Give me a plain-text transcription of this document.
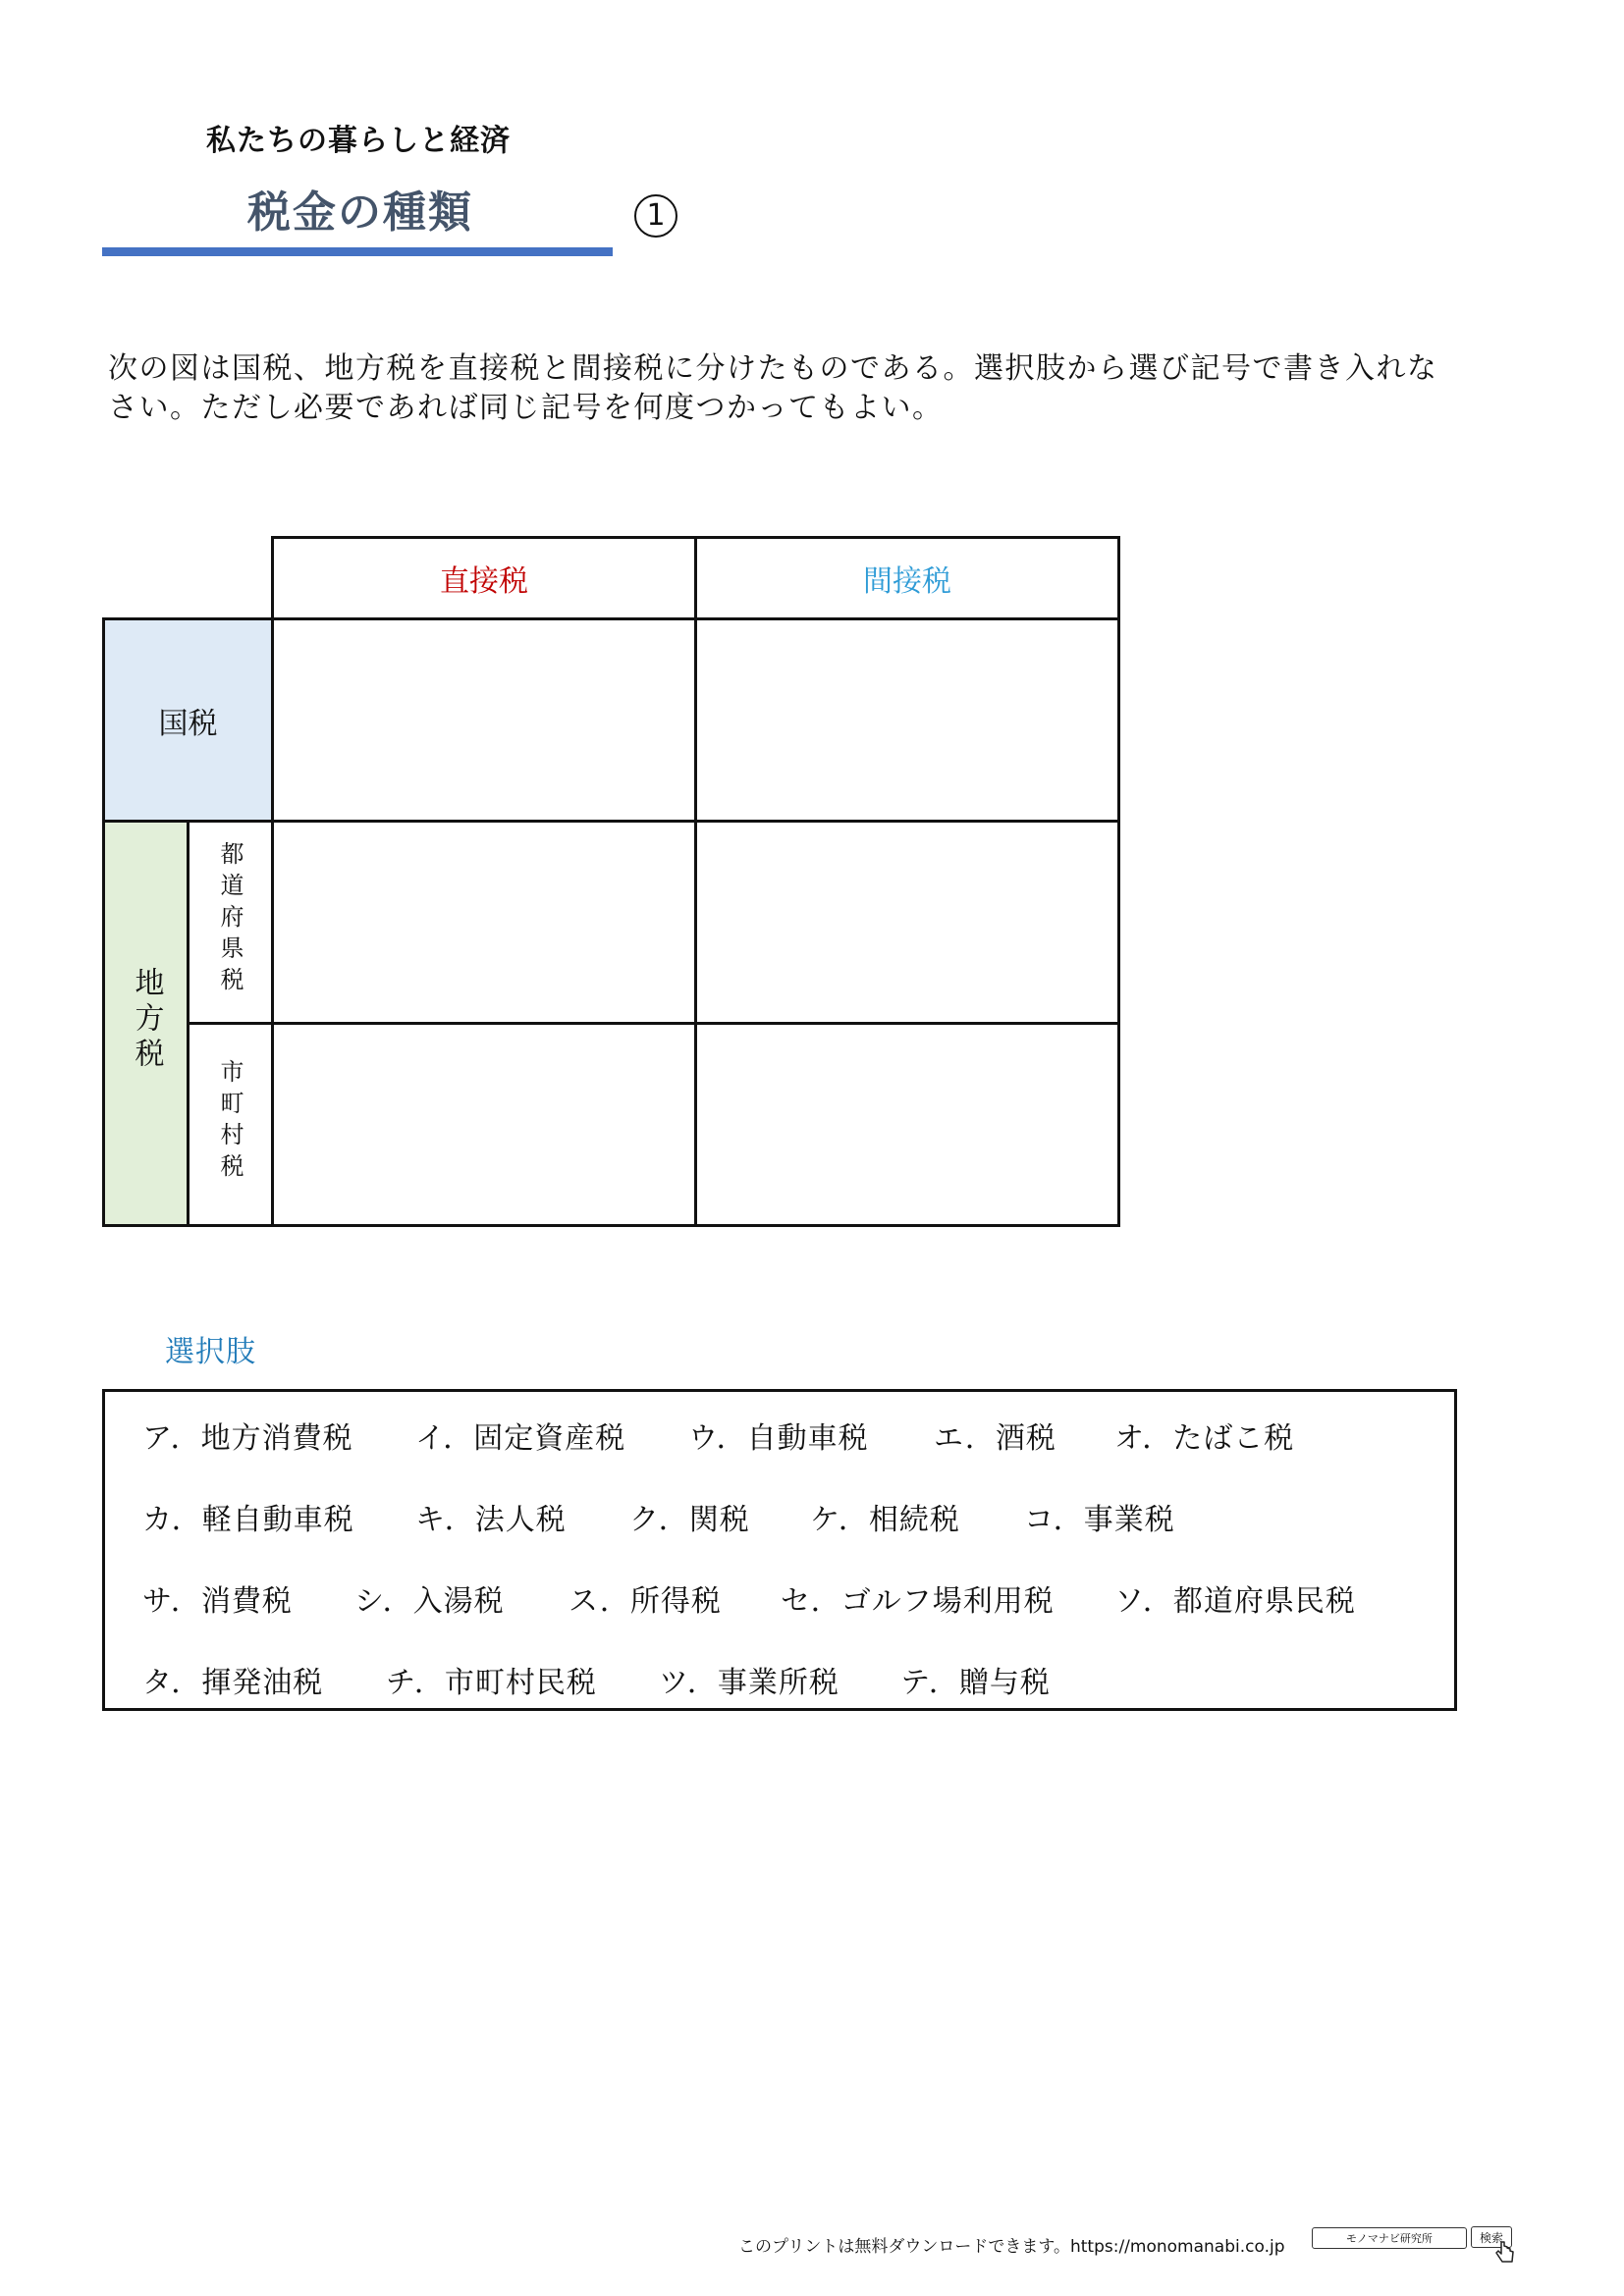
私たちの暮らしと経済
税金の種類	1
次の図は国税、地方税を直接税と間接税に分けたものである。選択肢から選び記号で書き入れなさい。ただし必要であれば同じ記号を何度つかってもよい。
		直接税	間接税
国税			
地方税	都道府県税		
	市町村税		
選択肢
ア．地方消費税 イ．固定資産税 ウ．自動車税 エ．酒税 オ．たばこ税
カ．軽自動車税 キ．法人税 ク．関税 ケ．相続税 コ．事業税
サ．消費税 シ．入湯税 ス．所得税 セ．ゴルフ場利用税 ソ．都道府県民税
タ．揮発油税 チ．市町村民税 ツ．事業所税 テ．贈与税
このプリントは無料ダウンロードできます。https://monomanabi.co.jp	モノマナビ研究所	検索
